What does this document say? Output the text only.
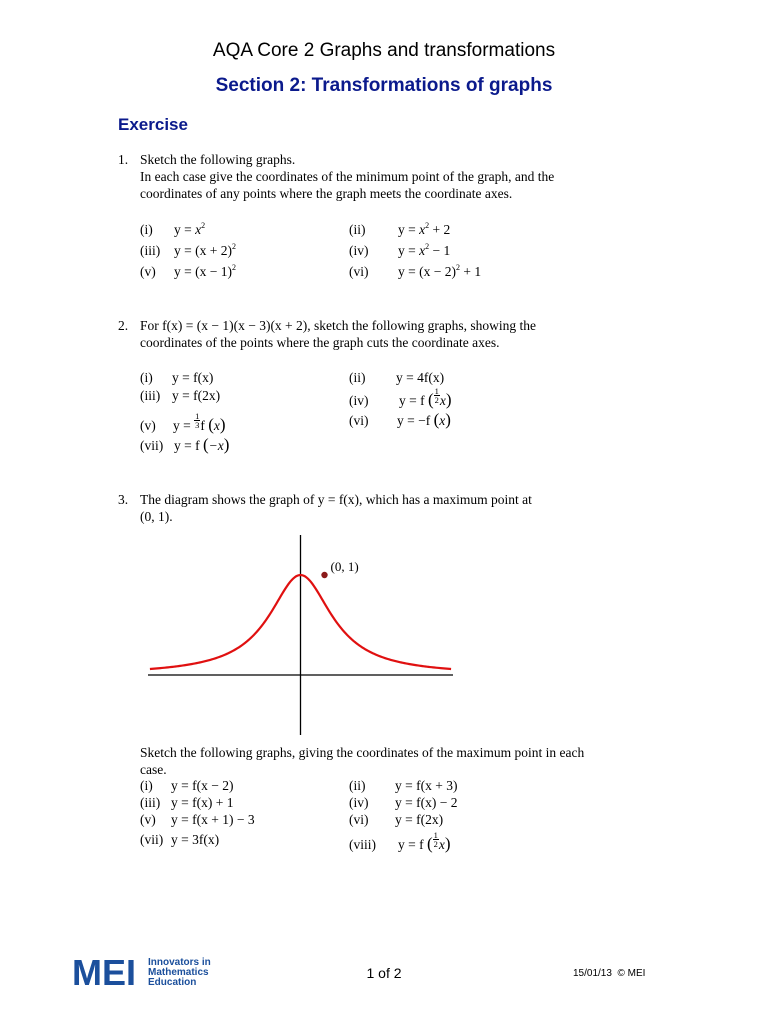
AQA Core 2 Graphs and transformations
Section 2: Transformations of graphs
Exercise
1. Sketch the following graphs.
In each case give the coordinates of the minimum point of the graph, and the
coordinates of any points where the graph meets the coordinate axes.
(i) $y = x^2$	(ii) $y = x^2 + 2$
(iii) $y = (x + 2)^2$	(iv) $y = x^2 - 1$
(v) $y = (x - 1)^2$	(vi) $y = (x - 2)^2 + 1$
2. For f(x) = (x − 1)(x − 3)(x + 2), sketch the following graphs, showing the
coordinates of the points where the graph cuts the coordinate axes.
(i) y = f(x)	(ii) y = 4f(x)
(iii) y = f(2x)	(iv) y = f ( $\frac{1}{2} x$)
(v) $y = \frac{1}{3}$ f (x)	(vi) y = −f (x)
(vii) y = f (−x)
3. The diagram shows the graph of y = f(x), which has a maximum point at
(0, 1).
(0, 1)
Sketch the following graphs, giving the coordinates of the maximum point in each
case.
(i) y = f(x − 2)	(ii) y = f(x + 3)
(iii) y = f(x) + 1	(iv) y = f(x) − 2
(v) y = f(x + 1) − 3	(vi) y = f(2x)
(vii) y = 3f(x)	(viii) y = f ( $\frac{1}{2} x$)
MEI Innovators in
Mathematics
Education
1 of 2	15/01/13 © MEI
